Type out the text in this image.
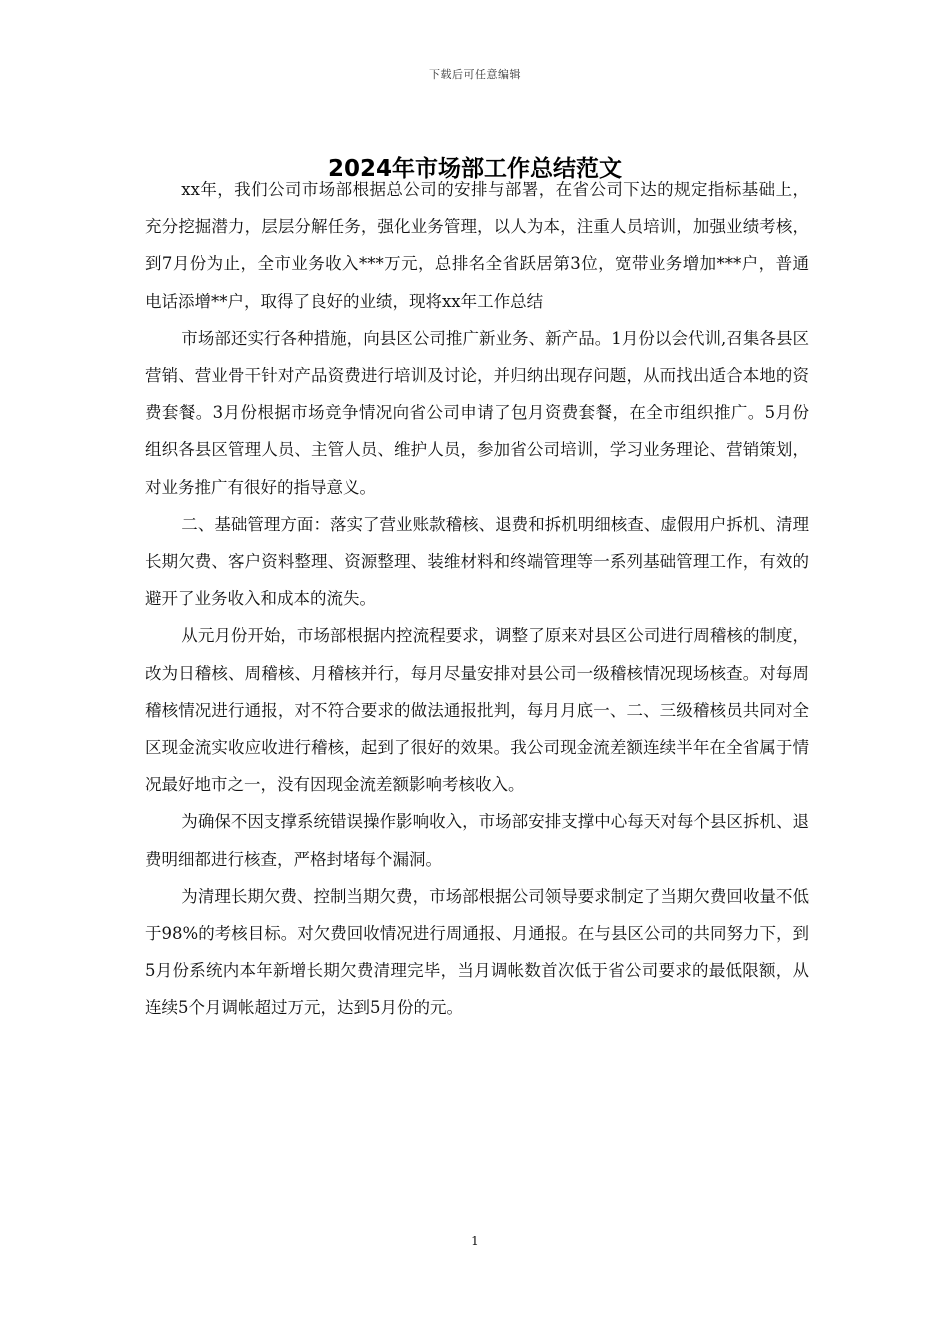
下载后可任意编辑
2024年市场部工作总结范文

xx年，我们公司市场部根据总公司的安排与部署，在省公司下达的规定指标基础上，充分挖掘潜力，层层分解任务，强化业务管理，以人为本，注重人员培训，加强业绩考核，到7月份为止，全市业务收入***万元，总排名全省跃居第3位，宽带业务增加***户，普通电话添增**户，取得了良好的业绩，现将xx年工作总结

市场部还实行各种措施，向县区公司推广新业务、新产品。1月份以会代训,召集各县区营销、营业骨干针对产品资费进行培训及讨论，并归纳出现存问题，从而找出适合本地的资费套餐。3月份根据市场竞争情况向省公司申请了包月资费套餐，在全市组织推广。5月份组织各县区管理人员、主管人员、维护人员，参加省公司培训，学习业务理论、营销策划，对业务推广有很好的指导意义。

二、基础管理方面：落实了营业账款稽核、退费和拆机明细核查、虚假用户拆机、清理长期欠费、客户资料整理、资源整理、装维材料和终端管理等一系列基础管理工作，有效的避开了业务收入和成本的流失。

从元月份开始，市场部根据内控流程要求，调整了原来对县区公司进行周稽核的制度，改为日稽核、周稽核、月稽核并行，每月尽量安排对县公司一级稽核情况现场核查。对每周稽核情况进行通报，对不符合要求的做法通报批判，每月月底一、二、三级稽核员共同对全区现金流实收应收进行稽核，起到了很好的效果。我公司现金流差额连续半年在全省属于情况最好地市之一，没有因现金流差额影响考核收入。

为确保不因支撑系统错误操作影响收入，市场部安排支撑中心每天对每个县区拆机、退费明细都进行核查，严格封堵每个漏洞。

为清理长期欠费、控制当期欠费，市场部根据公司领导要求制定了当期欠费回收量不低于98%的考核目标。对欠费回收情况进行周通报、月通报。在与县区公司的共同努力下，到5月份系统内本年新增长期欠费清理完毕，当月调帐数首次低于省公司要求的最低限额，从连续5个月调帐超过万元，达到5月份的元。

1
